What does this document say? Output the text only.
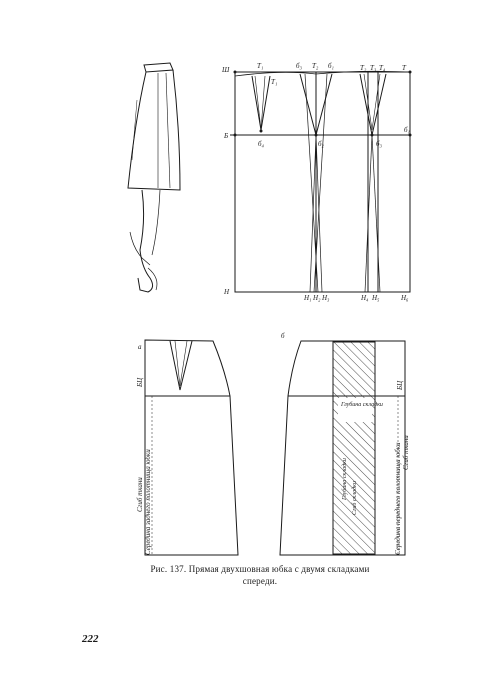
Ш	Т₁
Т₁
б₃ Т₂ б₁	Т₂ Т₃ Т₄ Т
б₄	б₂	б₃
б₁
Б
Н
Н₁ Н₂ Н₃	Н₄ Н₅	Н₆
а
БЦ
Сгиб ткани Середина заднего полотнища юбки
б
Глубина складки
Глубина складки Сгиб складки
БЦ
Середина переднего полотнища юбки Сгиб ткани
Рис. 137. Прямая двухшовная юбка с двумя складками
спереди.
222
